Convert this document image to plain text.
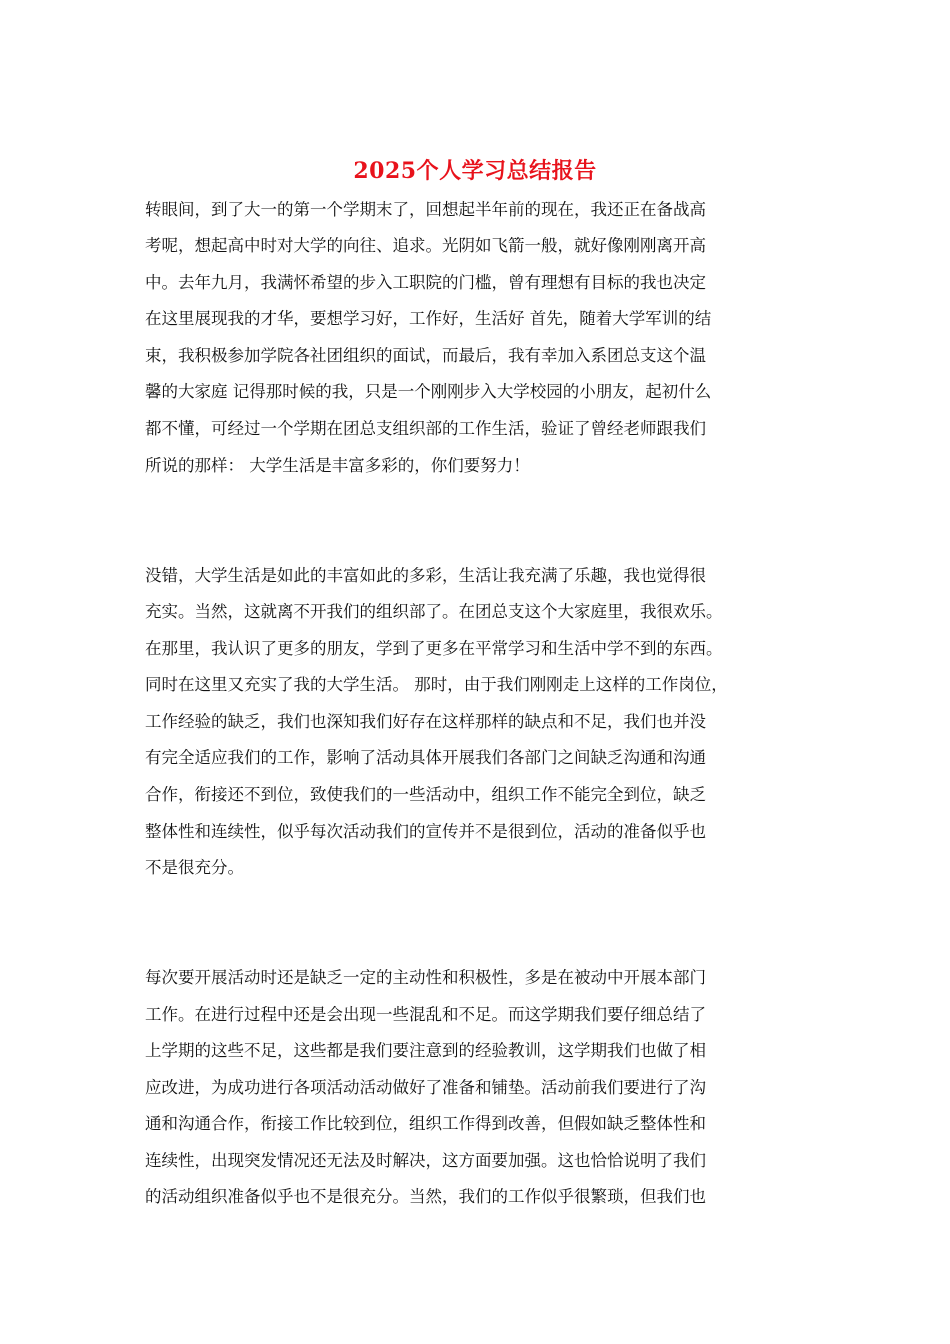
2025个人学习总结报告

转眼间，到了大一的第一个学期末了，回想起半年前的现在，我还正在备战高

考呢，想起高中时对大学的向往、追求。光阴如飞箭一般，就好像刚刚离开高

中。去年九月，我满怀希望的步入工职院的门槛，曾有理想有目标的我也决定

在这里展现我的才华，要想学习好，工作好，生活好 首先，随着大学军训的结

束，我积极参加学院各社团组织的面试，而最后，我有幸加入系团总支这个温

馨的大家庭 记得那时候的我，只是一个刚刚步入大学校园的小朋友，起初什么

都不懂，可经过一个学期在团总支组织部的工作生活，验证了曾经老师跟我们

所说的那样： 大学生活是丰富多彩的，你们要努力！

没错，大学生活是如此的丰富如此的多彩，生活让我充满了乐趣，我也觉得很

充实。当然，这就离不开我们的组织部了。在团总支这个大家庭里，我很欢乐。

在那里，我认识了更多的朋友，学到了更多在平常学习和生活中学不到的东西。

同时在这里又充实了我的大学生活。 那时，由于我们刚刚走上这样的工作岗位，

工作经验的缺乏，我们也深知我们好存在这样那样的缺点和不足，我们也并没

有完全适应我们的工作，影响了活动具体开展我们各部门之间缺乏沟通和沟通

合作，衔接还不到位，致使我们的一些活动中，组织工作不能完全到位，缺乏

整体性和连续性，似乎每次活动我们的宣传并不是很到位，活动的准备似乎也

不是很充分。

每次要开展活动时还是缺乏一定的主动性和积极性，多是在被动中开展本部门

工作。在进行过程中还是会出现一些混乱和不足。而这学期我们要仔细总结了

上学期的这些不足，这些都是我们要注意到的经验教训，这学期我们也做了相

应改进，为成功进行各项活动活动做好了准备和铺垫。活动前我们要进行了沟

通和沟通合作，衔接工作比较到位，组织工作得到改善，但假如缺乏整体性和

连续性，出现突发情况还无法及时解决，这方面要加强。这也恰恰说明了我们

的活动组织准备似乎也不是很充分。当然，我们的工作似乎很繁琐，但我们也
